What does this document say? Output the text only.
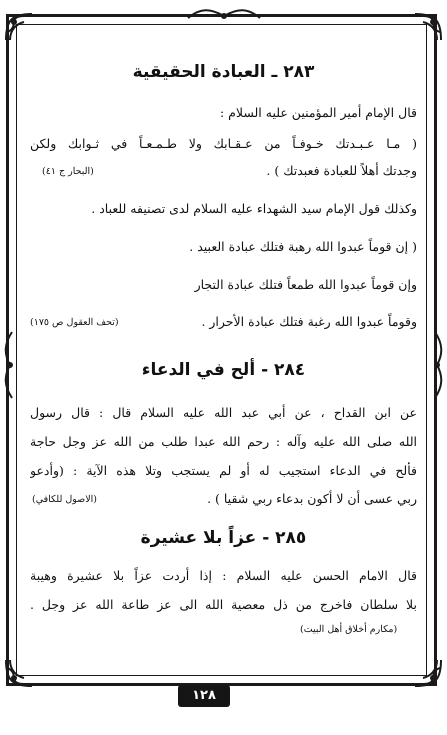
٢٨٣ ـ العبادة الحقيقية
قال الإمام أمير المؤمنين عليه السلام :
( مـا عـبـدتك خـوفـاً من عـقـابك ولا طـمـعـاً في ثـوابك ولكن
وجدتك أهلاً للعبادة فعبدتك ) .
(البحار ج ٤١)
وكذلك قول الإمام سيد الشهداء عليه السلام لدى تصنيفه للعباد .
( إن قوماً عبدوا الله رهبة فتلك عبادة العبيد .
وإن قوماً عبدوا الله طمعاً فتلك عبادة التجار
وقوماً عبدوا الله رغبة فتلك عبادة الأحرار .
(تحف العقول ص ١٧٥)
٢٨٤ - ألح في الدعاء
عن ابن القداح ، عن أبي عبد الله عليه السلام قال : قال رسول
الله صلى الله عليه وآله : رحم الله عبدا طلب من الله عز وجل حاجة
فألح في الدعاء استجيب له أو لم يستجب وتلا هذه الآية : (وأدعو
ربي عسى أن لا أكون بدعاء ربي شقيا ) .
(الاصول للكافي)
٢٨٥ - عزاً بلا عشيرة
قال الامام الحسن عليه السلام : إذا أردت عزاً بلا عشيرة وهيبة
بلا سلطان فاخرج من ذل معصية الله الى عز طاعة الله عز وجل .
(مكارم أخلاق أهل البيت)
١٢٨
